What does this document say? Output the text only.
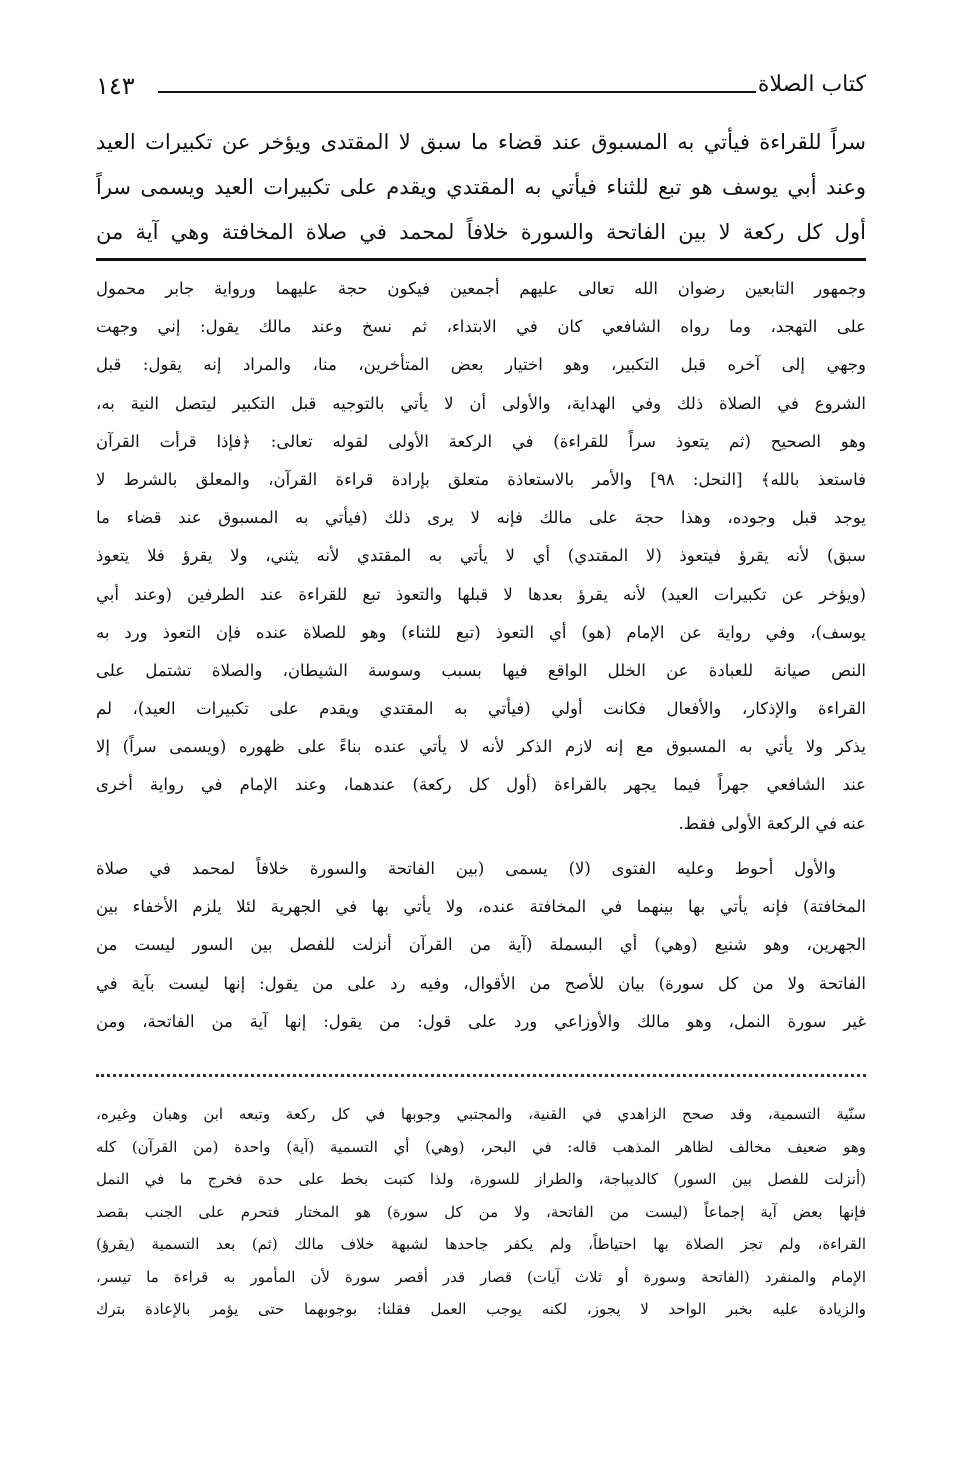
١٤٣	كتاب الصلاة
سراً للقراءة فيأتي به المسبوق عند قضاء ما سبق لا المقتدى ويؤخر عن تكبيرات العيد
وعند أبي يوسف هو تبع للثناء فيأتي به المقتدي ويقدم على تكبيرات العيد ويسمى سراً
أول كل ركعة لا بين الفاتحة والسورة خلافاً لمحمد في صلاة المخافتة وهي آية من
وجمهور التابعين رضوان الله تعالى عليهم أجمعين فيكون حجة عليهما ورواية جابر محمول
على التهجد، وما رواه الشافعي كان في الابتداء، ثم نسخ وعند مالك يقول: إني وجهت
وجهي إلى آخره قبل التكبير، وهو اختيار بعض المتأخرين، منا، والمراد إنه يقول: قبل
الشروع في الصلاة ذلك وفي الهداية، والأولى أن لا يأتي بالتوجيه قبل التكبير ليتصل النية به،
وهو الصحيح (ثم يتعوذ سراً للقراءة) في الركعة الأولى لقوله تعالى: ﴿فإذا قرأت القرآن
فاستعذ بالله﴾ [النحل: ٩٨] والأمر بالاستعاذة متعلق بإرادة قراءة القرآن، والمعلق بالشرط لا
يوجد قبل وجوده، وهذا حجة على مالك فإنه لا يرى ذلك (فيأتي به المسبوق عند قضاء ما
سبق) لأنه يقرؤ فيتعوذ (لا المقتدي) أي لا يأتي به المقتدي لأنه يثني، ولا يقرؤ فلا يتعوذ
(ويؤخر عن تكبيرات العيد) لأنه يقرؤ بعدها لا قبلها والتعوذ تبع للقراءة عند الطرفين (وعند أبي
يوسف)، وفي رواية عن الإمام (هو) أي التعوذ (تبع للثناء) وهو للصلاة عنده فإن التعوذ ورد به
النص صيانة للعبادة عن الخلل الواقع فيها بسبب وسوسة الشيطان، والصلاة تشتمل على
القراءة والإذكار، والأفعال فكانت أولي (فيأتي به المقتدي ويقدم على تكبيرات العيد)، لم
يذكر ولا يأتي به المسبوق مع إنه لازم الذكر لأنه لا يأتي عنده بناءً على ظهوره (ويسمى سراً) إلا
عند الشافعي جهراً فيما يجهر بالقراءة (أول كل ركعة) عندهما، وعند الإمام في رواية أخرى
عنه في الركعة الأولى فقط.
والأول أحوط وعليه الفتوى (لا) يسمى (بين الفاتحة والسورة خلافاً لمحمد في صلاة
المخافتة) فإنه يأتي بها بينهما في المخافتة عنده، ولا يأتي بها في الجهرية لئلا يلزم الأخفاء بين
الجهرين، وهو شنيع (وهي) أي البسملة (آية من القرآن أنزلت للفصل بين السور ليست من
الفاتحة ولا من كل سورة) بيان للأصح من الأقوال، وفيه رد على من يقول: إنها ليست بآية في
غير سورة النمل، وهو مالك والأوزاعي ورد على قول: من يقول: إنها آية من الفاتحة، ومن
سنّية التسمية، وقد صحح الزاهدي في القنية، والمجتبي وجوبها في كل ركعة وتبعه ابن وهبان وغيره،
وهو ضعيف مخالف لظاهر المذهب قاله: في البحر، (وهي) أي التسمية (آية) واحدة (من القرآن) كله
(أنزلت للفصل بين السور) كالديباجة، والطراز للسورة، ولذا كتبت بخط على حدة فخرج ما في النمل
فإنها بعض آية إجماعاً (ليست من الفاتحة، ولا من كل سورة) هو المختار فتحرم على الجنب بقصد
القراءة، ولم تجز الصلاة بها احتياطاً، ولم يكفر جاحدها لشبهة خلاف مالك (ثم) بعد التسمية (يقرؤ)
الإمام والمنفرد (الفاتحة وسورة أو ثلاث آيات) قصار قدر أقصر سورة لأن المأمور به قراءة ما تيسر،
والزيادة عليه بخبر الواحد لا يجوز، لكنه يوجب العمل فقلنا: بوجوبهما حتى يؤمر بالإعادة بترك
